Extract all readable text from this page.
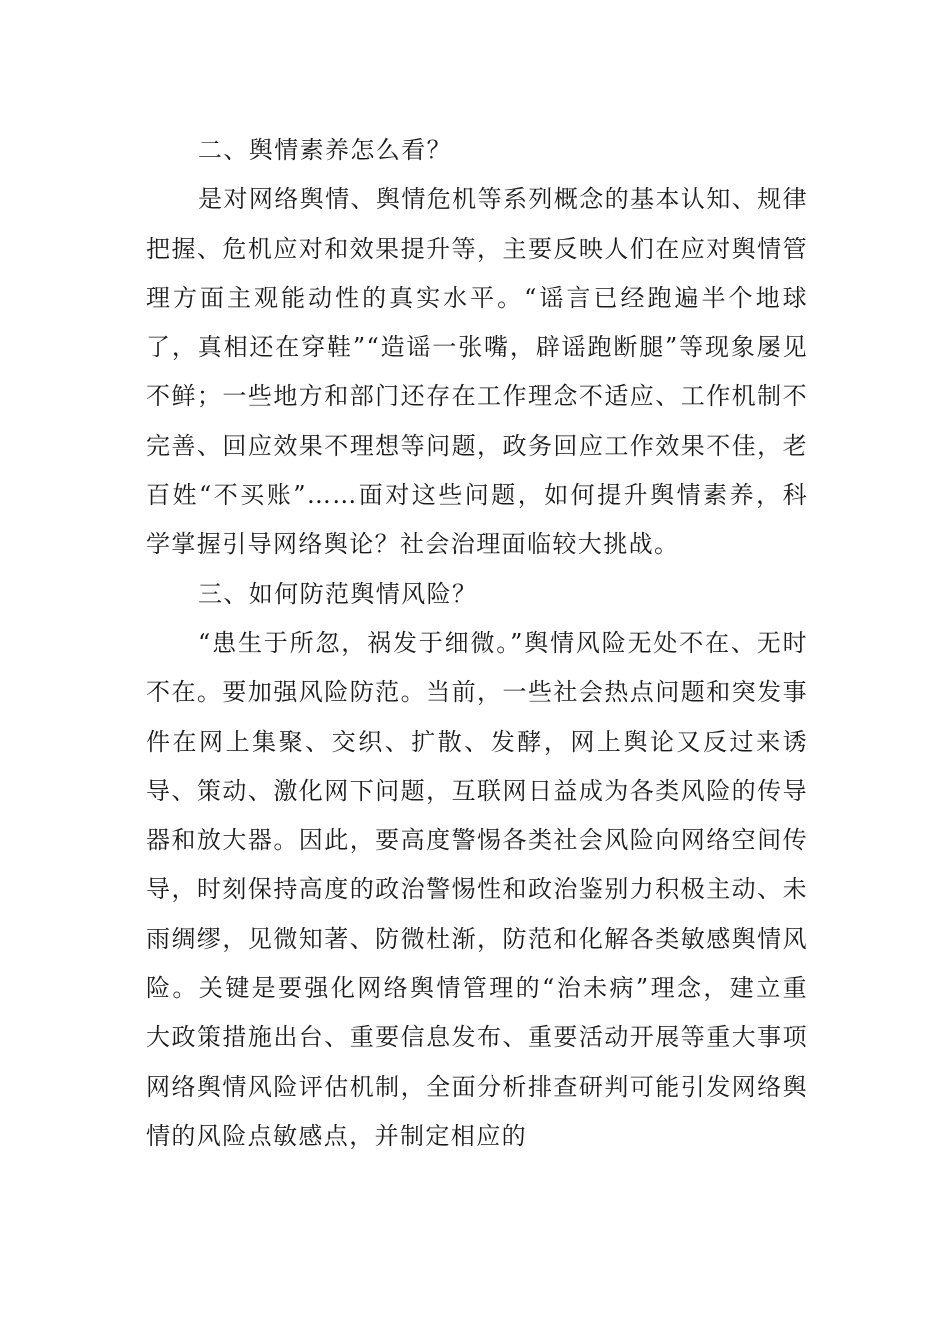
二、舆情素养怎么看？

是对网络舆情、舆情危机等系列概念的基本认知、规律把握、危机应对和效果提升等，主要反映人们在应对舆情管理方面主观能动性的真实水平。“谣言已经跑遍半个地球了，真相还在穿鞋”“造谣一张嘴，辟谣跑断腿”等现象屡见不鲜；一些地方和部门还存在工作理念不适应、工作机制不完善、回应效果不理想等问题，政务回应工作效果不佳，老百姓“不买账”……面对这些问题，如何提升舆情素养，科学掌握引导网络舆论？社会治理面临较大挑战。

三、如何防范舆情风险？

“患生于所忽，祸发于细微。”舆情风险无处不在、无时不在。要加强风险防范。当前，一些社会热点问题和突发事件在网上集聚、交织、扩散、发酵，网上舆论又反过来诱导、策动、激化网下问题，互联网日益成为各类风险的传导器和放大器。因此，要高度警惕各类社会风险向网络空间传导，时刻保持高度的政治警惕性和政治鉴别力积极主动、未雨绸缪，见微知著、防微杜渐，防范和化解各类敏感舆情风险。关键是要强化网络舆情管理的“治未病”理念，建立重大政策措施出台、重要信息发布、重要活动开展等重大事项网络舆情风险评估机制，全面分析排查研判可能引发网络舆情的风险点敏感点，并制定相应的
